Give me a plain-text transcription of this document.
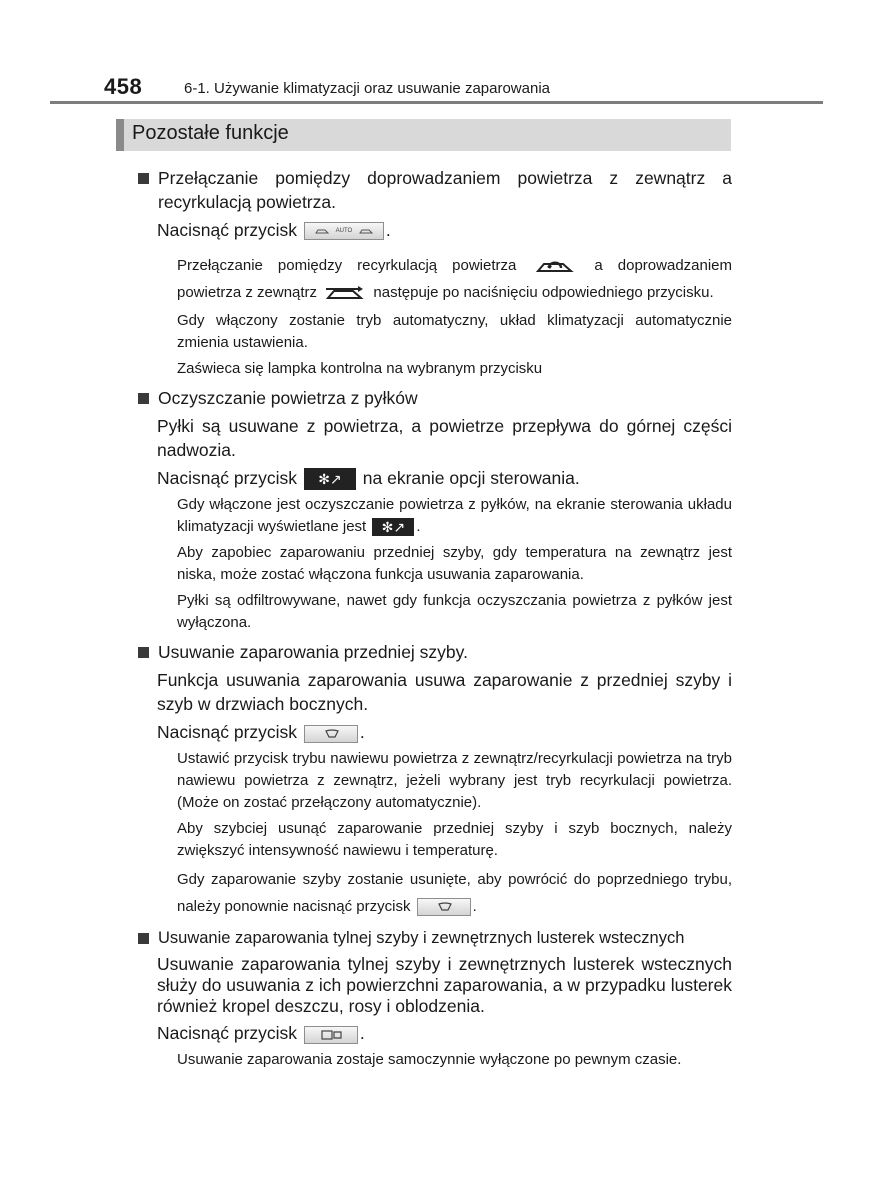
458	6-1. Używanie klimatyzacji oraz usuwanie zaparowania
Pozostałe funkcje
Przełączanie pomiędzy doprowadzaniem powietrza z zewnątrz a recyrkulacją powietrza.
Nacisnąć przycisk	AUTO .
Przełączanie pomiędzy recyrkulacją powietrza	a doprowadzaniem powietrza z zewnątrz	następuje po naciśnięciu odpowiedniego przycisku.
Gdy włączony zostanie tryb automatyczny, układ klimatyzacji automatycznie zmienia ustawienia.
Zaświeca się lampka kontrolna na wybranym przycisku
Oczyszczanie powietrza z pyłków
Pyłki są usuwane z powietrza, a powietrze przepływa do górnej części nadwozia.
Nacisnąć przycisk ✻↗ na ekranie opcji sterowania.
Gdy włączone jest oczyszczanie powietrza z pyłków, na ekranie sterowania układu klimatyzacji wyświetlane jest ✻↗ .
Aby zapobiec zaparowaniu przedniej szyby, gdy temperatura na zewnątrz jest niska, może zostać włączona funkcja usuwania zaparowania.
Pyłki są odfiltrowywane, nawet gdy funkcja oczyszczania powietrza z pyłków jest wyłączona.
Usuwanie zaparowania przedniej szyby.
Funkcja usuwania zaparowania usuwa zaparowanie z przedniej szyby i szyb w drzwiach bocznych.
Nacisnąć przycisk	.
Ustawić przycisk trybu nawiewu powietrza z zewnątrz/recyrkulacji powietrza na tryb nawiewu powietrza z zewnątrz, jeżeli wybrany jest tryb recyrkulacji powietrza. (Może on zostać przełączony automatycznie).
Aby szybciej usunąć zaparowanie przedniej szyby i szyb bocznych, należy zwiększyć intensywność nawiewu i temperaturę.
Gdy zaparowanie szyby zostanie usunięte, aby powrócić do poprzedniego trybu, należy ponownie nacisnąć przycisk	.
Usuwanie zaparowania tylnej szyby i zewnętrznych lusterek wstecznych
Usuwanie zaparowania tylnej szyby i zewnętrznych lusterek wstecznych służy do usuwania z ich powierzchni zaparowania, a w przypadku lusterek również kropel deszczu, rosy i oblodzenia.
Nacisnąć przycisk	.
Usuwanie zaparowania zostaje samoczynnie wyłączone po pewnym czasie.
